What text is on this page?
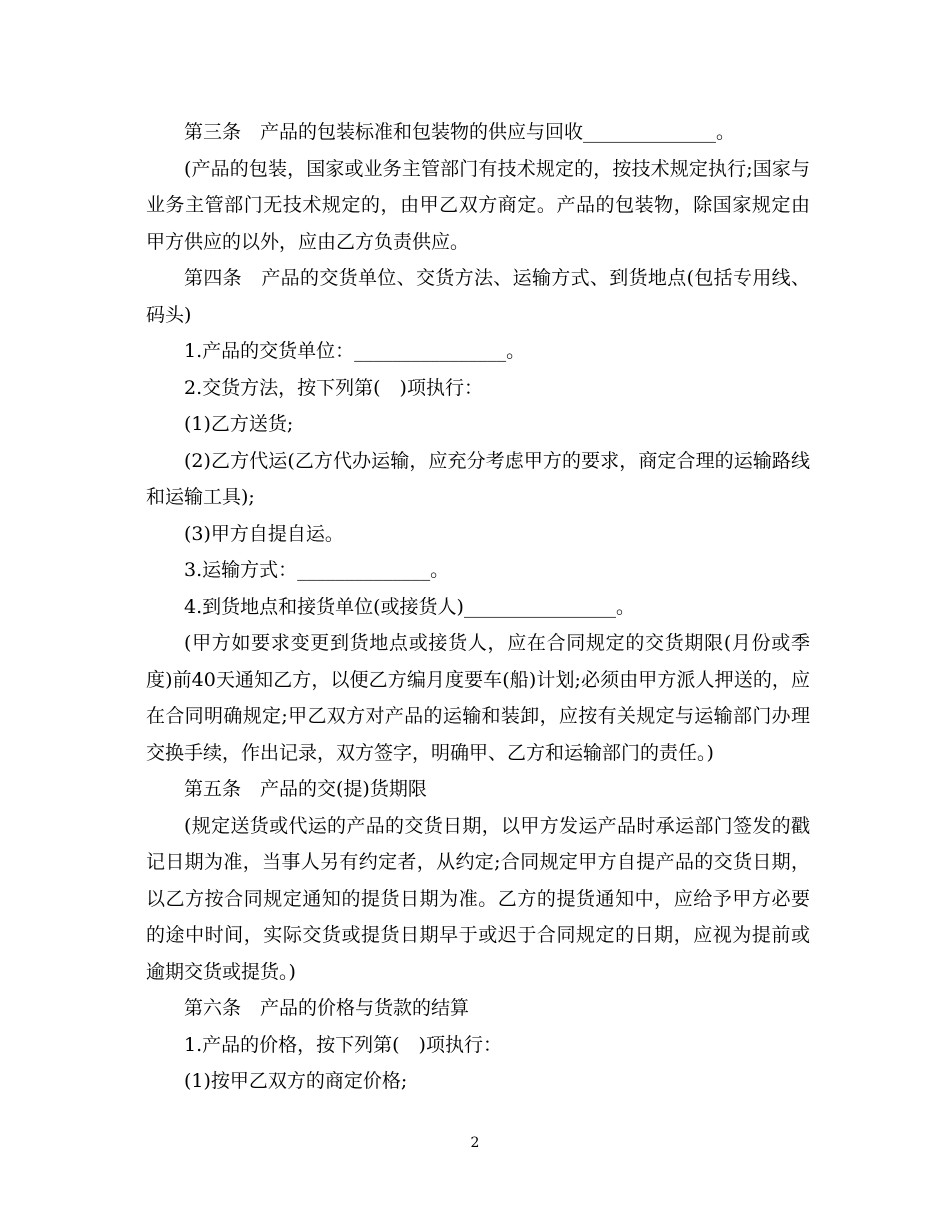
第三条　产品的包装标准和包装物的供应与回收______________。

(产品的包装，国家或业务主管部门有技术规定的，按技术规定执行;国家与业务主管部门无技术规定的，由甲乙双方商定。产品的包装物，除国家规定由甲方供应的以外，应由乙方负责供应。

第四条　产品的交货单位、交货方法、运输方式、到货地点(包括专用线、码头)

1.产品的交货单位：________________。

2.交货方法，按下列第(　)项执行：

(1)乙方送货;

(2)乙方代运(乙方代办运输，应充分考虑甲方的要求，商定合理的运输路线和运输工具);

(3)甲方自提自运。

3.运输方式：______________。

4.到货地点和接货单位(或接货人)________________。

(甲方如要求变更到货地点或接货人，应在合同规定的交货期限(月份或季度)前40天通知乙方，以便乙方编月度要车(船)计划;必须由甲方派人押送的，应在合同明确规定;甲乙双方对产品的运输和装卸，应按有关规定与运输部门办理交换手续，作出记录，双方签字，明确甲、乙方和运输部门的责任。)

第五条　产品的交(提)货期限

(规定送货或代运的产品的交货日期，以甲方发运产品时承运部门签发的戳记日期为准，当事人另有约定者，从约定;合同规定甲方自提产品的交货日期，以乙方按合同规定通知的提货日期为准。乙方的提货通知中，应给予甲方必要的途中时间，实际交货或提货日期早于或迟于合同规定的日期，应视为提前或逾期交货或提货。)

第六条　产品的价格与货款的结算

1.产品的价格，按下列第(　)项执行：

(1)按甲乙双方的商定价格;

2
